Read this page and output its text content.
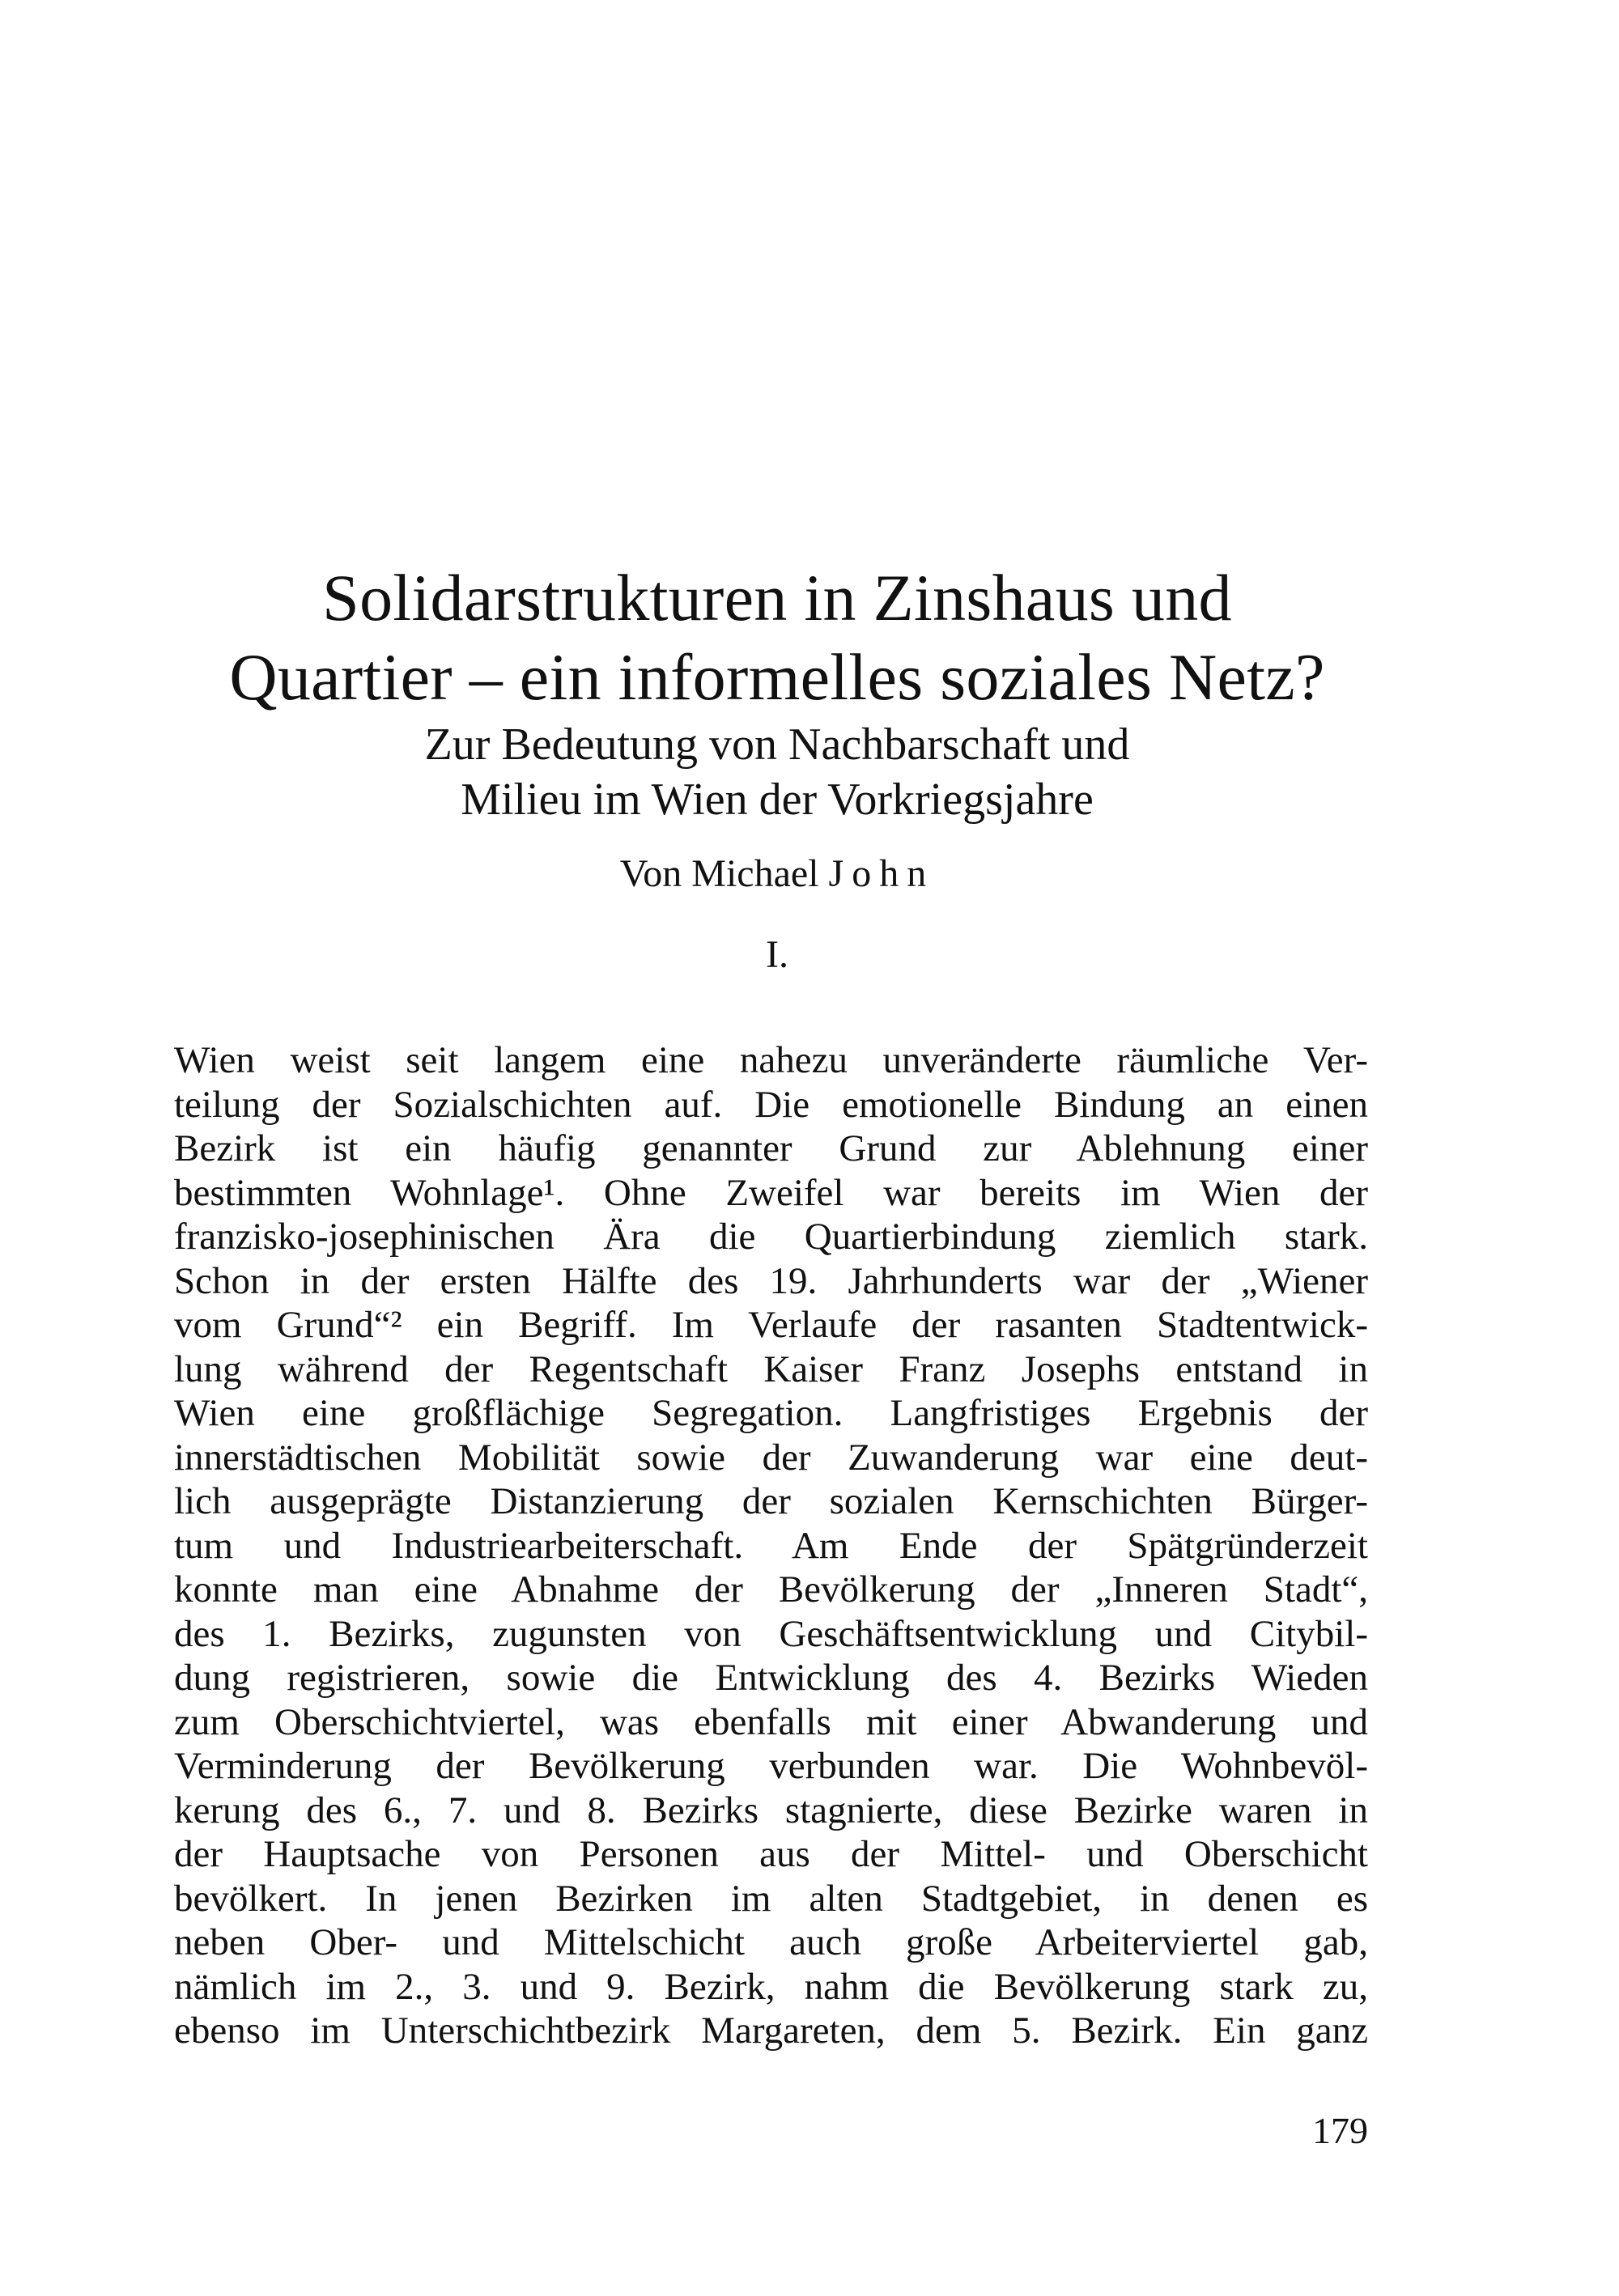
Solidarstrukturen in Zinshaus und
Quartier – ein informelles soziales Netz?
Zur Bedeutung von Nachbarschaft und
Milieu im Wien der Vorkriegsjahre
Von Michael John
I.
Wien weist seit langem eine nahezu unveränderte räumliche Ver-
teilung der Sozialschichten auf. Die emotionelle Bindung an einen
Bezirk ist ein häufig genannter Grund zur Ablehnung einer
bestimmten Wohnlage¹. Ohne Zweifel war bereits im Wien der
franzisko-josephinischen Ära die Quartierbindung ziemlich stark.
Schon in der ersten Hälfte des 19. Jahrhunderts war der „Wiener
vom Grund“² ein Begriff. Im Verlaufe der rasanten Stadtentwick-
lung während der Regentschaft Kaiser Franz Josephs entstand in
Wien eine großflächige Segregation. Langfristiges Ergebnis der
innerstädtischen Mobilität sowie der Zuwanderung war eine deut-
lich ausgeprägte Distanzierung der sozialen Kernschichten Bürger-
tum und Industriearbeiterschaft. Am Ende der Spätgründerzeit
konnte man eine Abnahme der Bevölkerung der „Inneren Stadt“,
des 1. Bezirks, zugunsten von Geschäftsentwicklung und Citybil-
dung registrieren, sowie die Entwicklung des 4. Bezirks Wieden
zum Oberschichtviertel, was ebenfalls mit einer Abwanderung und
Verminderung der Bevölkerung verbunden war. Die Wohnbevöl-
kerung des 6., 7. und 8. Bezirks stagnierte, diese Bezirke waren in
der Hauptsache von Personen aus der Mittel- und Oberschicht
bevölkert. In jenen Bezirken im alten Stadtgebiet, in denen es
neben Ober- und Mittelschicht auch große Arbeiterviertel gab,
nämlich im 2., 3. und 9. Bezirk, nahm die Bevölkerung stark zu,
ebenso im Unterschichtbezirk Margareten, dem 5. Bezirk. Ein ganz
179
